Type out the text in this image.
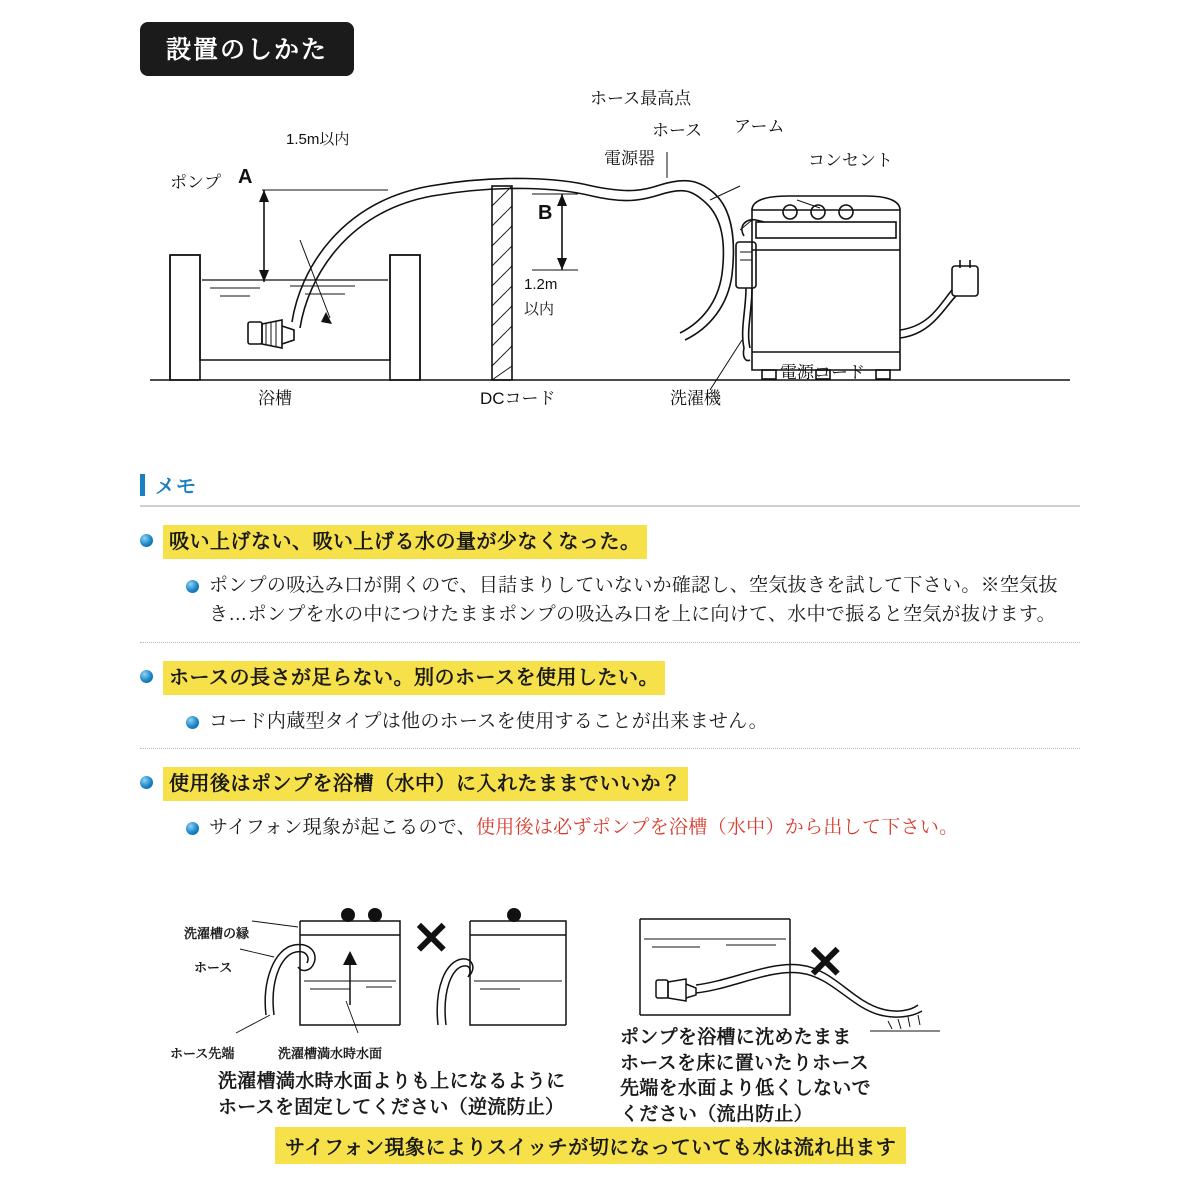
設置のしかた
ホース最高点
ホース アーム
電源器	コンセント
ポンプ
1.5m以内
A
B
1.2m
以内
浴槽	DCコード	洗濯機
電源コード
メモ
吸い上げない、吸い上げる水の量が少なくなった。
ポンプの吸込み口が開くので、目詰まりしていないか確認し、空気抜きを試して下さい。※空気抜き…ポンプを水の中につけたままポンプの吸込み口を上に向けて、水中で振ると空気が抜けます。
ホースの長さが足らない。別のホースを使用したい。
コード内蔵型タイプは他のホースを使用することが出来ません。
使用後はポンプを浴槽（水中）に入れたままでいいか？
サイフォン現象が起こるので、使用後は必ずポンプを浴槽（水中）から出して下さい。
洗濯槽の縁
ホース
ホース先端	洗濯槽満水時水面
✕	✕
洗濯槽満水時水面よりも上になるように
ホースを固定してください（逆流防止）
ポンプを浴槽に沈めたまま
ホースを床に置いたりホース
先端を水面より低くしないで
ください（流出防止）
サイフォン現象によりスイッチが切になっていても水は流れ出ます
